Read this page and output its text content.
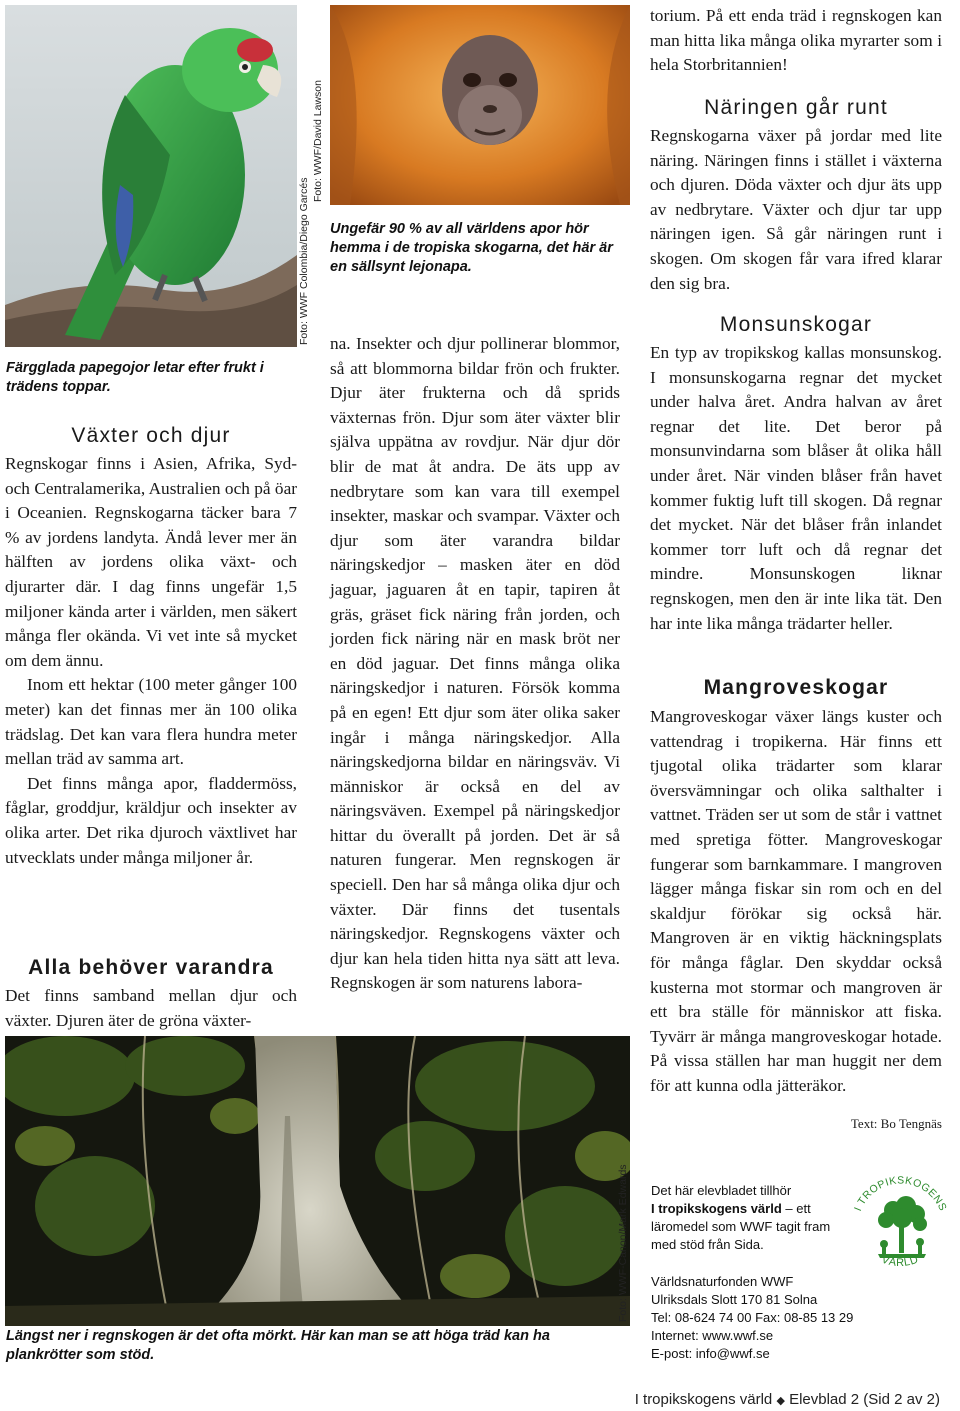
Färgglada papegojor letar efter frukt i trädens toppar.
Foto: WWF Colombia/Diego Garcés
Foto: WWF/David Lawson
Ungefär 90 % av all världens apor hör hemma i de tropiska skogarna, det här är en sällsynt lejonapa.
Växter och djur

Regnskogar finns i Asien, Afrika, Syd- och Centralamerika, Australien och på öar i Oceanien. Regnskogarna täcker bara 7 % av jordens landyta. Ändå lever mer än hälften av jordens olika växt- och djurarter där. I dag finns ungefär 1,5 miljoner kända arter i världen, men säkert många fler okända. Vi vet inte så mycket om dem ännu.

Inom ett hektar (100 meter gånger 100 meter) kan det finnas mer än 100 olika trädslag. Det kan vara flera hundra meter mellan träd av samma art.

Det finns många apor, fladdermöss, fåglar, groddjur, kräldjur och insekter av olika arter. Det rika djuroch växtlivet har utvecklats under många miljoner år.

Alla behöver varandra

Det finns samband mellan djur och växter. Djuren äter de gröna växter-

na. Insekter och djur pollinerar blommor, så att blommorna bildar frön och frukter. Djur äter frukterna och då sprids växternas frön. Djur som äter växter blir själva uppätna av rovdjur. När djur dör blir de mat åt andra. De äts upp av nedbrytare som kan vara till exempel insekter, maskar och svampar. Växter och djur som äter varandra bildar näringskedjor – masken äter en död jaguar, jaguaren åt en tapir, tapiren åt gräs, gräset fick näring från jorden, och jorden fick näring när en mask bröt ner en död jaguar. Det finns många olika näringskedjor i naturen. Försök komma på en egen! Ett djur som äter olika saker ingår i många näringskedjor. Alla näringskedjorna bildar en näringsväv. Vi människor är också en del av näringsväven. Exempel på näringskedjor hittar du överallt på jorden. Det är så naturen fungerar. Men regnskogen är speciell. Den har så många olika djur och växter. Där finns det tusentals näringskedjor. Regnskogens växter och djur kan hela tiden hitta nya sätt att leva. Regnskogen är som naturens labora-

torium. På ett enda träd i regnskogen kan man hitta lika många olika myrarter som i hela Storbritannien!

Näringen går runt

Regnskogarna växer på jordar med lite näring. Näringen finns i stället i växterna och djuren. Döda växter och djur äts upp av nedbrytare. Växter och djur tar upp näringen igen. Så går näringen runt i skogen. Om skogen får vara ifred klarar den sig bra.

Monsunskogar

En typ av tropikskog kallas monsunskog. I monsunskogarna regnar det mycket under halva året. Andra halvan av året regnar det lite. Det beror på monsunvindarna som blåser åt olika håll under året. När vinden blåser från havet kommer fuktig luft till skogen. Då regnar det mycket. När det blåser från inlandet kommer torr luft och då regnar det mindre. Monsunskogen liknar regnskogen, men den är inte lika tät. Den har inte lika många trädarter heller.

Mangroveskogar

Mangroveskogar växer längs kuster och vattendrag i tropikerna. Här finns ett tjugotal olika trädarter som klarar översvämningar och olika salthalter i vattnet. Träden ser ut som de står i vattnet med spretiga fötter. Mangroveskogar fungerar som barnkammare. I mangroven lägger många fiskar sin rom och en del skaldjur förökar sig också här. Mangroven är en viktig häckningsplats för många fåglar. Den skyddar också kusterna mot stormar och mangroven är ett bra ställe för människor att fiska. Tyvärr är många mangroveskogar hotade. På vissa ställen har man huggit ner dem för att kunna odla jätteräkor.

Text: Bo Tengnäs
Foto: WWF-Canon/Mark Edwards
Längst ner i regnskogen är det ofta mörkt. Här kan man se att höga träd kan ha plankrötter som stöd.
Det här elevbladet tillhör
I tropikskogens värld – ett läromedel som WWF tagit fram med stöd från Sida.
Världsnaturfonden WWF
Ulriksdals Slott 170 81 Solna
Tel: 08-624 74 00 Fax: 08-85 13 29
Internet: www.wwf.se
E-post: info@wwf.se
I TROPIKSKOGENS
VÄRLD
I tropikskogens värld ◆ Elevblad 2 (Sid 2 av 2)
